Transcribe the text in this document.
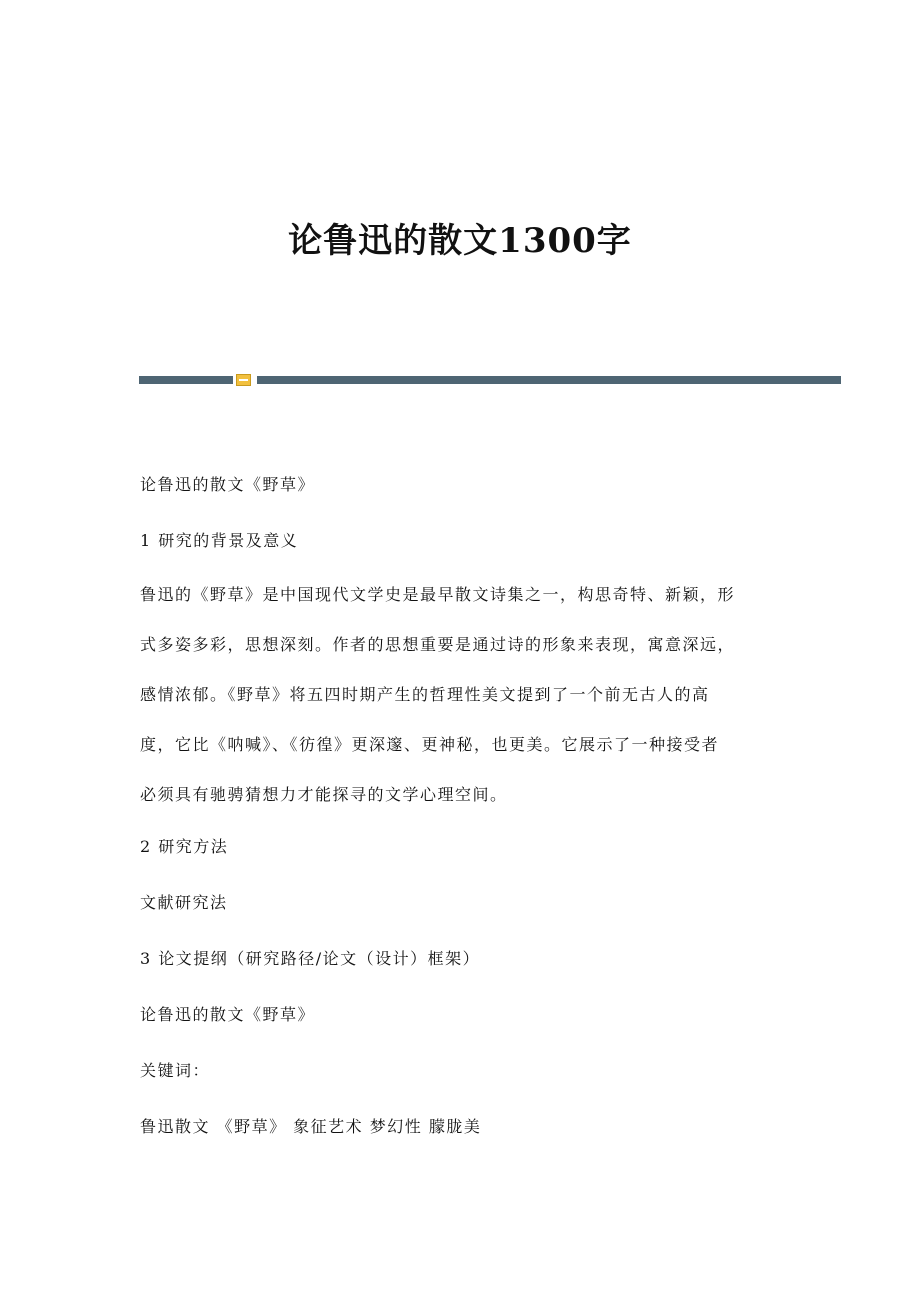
论鲁迅的散文1300字

论鲁迅的散文《野草》

1 研究的背景及意义

鲁迅的《野草》是中国现代文学史是最早散文诗集之一，构思奇特、新颖，形
式多姿多彩，思想深刻。作者的思想重要是通过诗的形象来表现，寓意深远，
感情浓郁。《野草》将五四时期产生的哲理性美文提到了一个前无古人的高
度，它比《呐喊》、《彷徨》更深邃、更神秘，也更美。它展示了一种接受者
必须具有驰骋猜想力才能探寻的文学心理空间。

2 研究方法

文献研究法

3 论文提纲（研究路径/论文（设计）框架）

论鲁迅的散文《野草》

关键词：

鲁迅散文 《野草》 象征艺术 梦幻性 朦胧美
